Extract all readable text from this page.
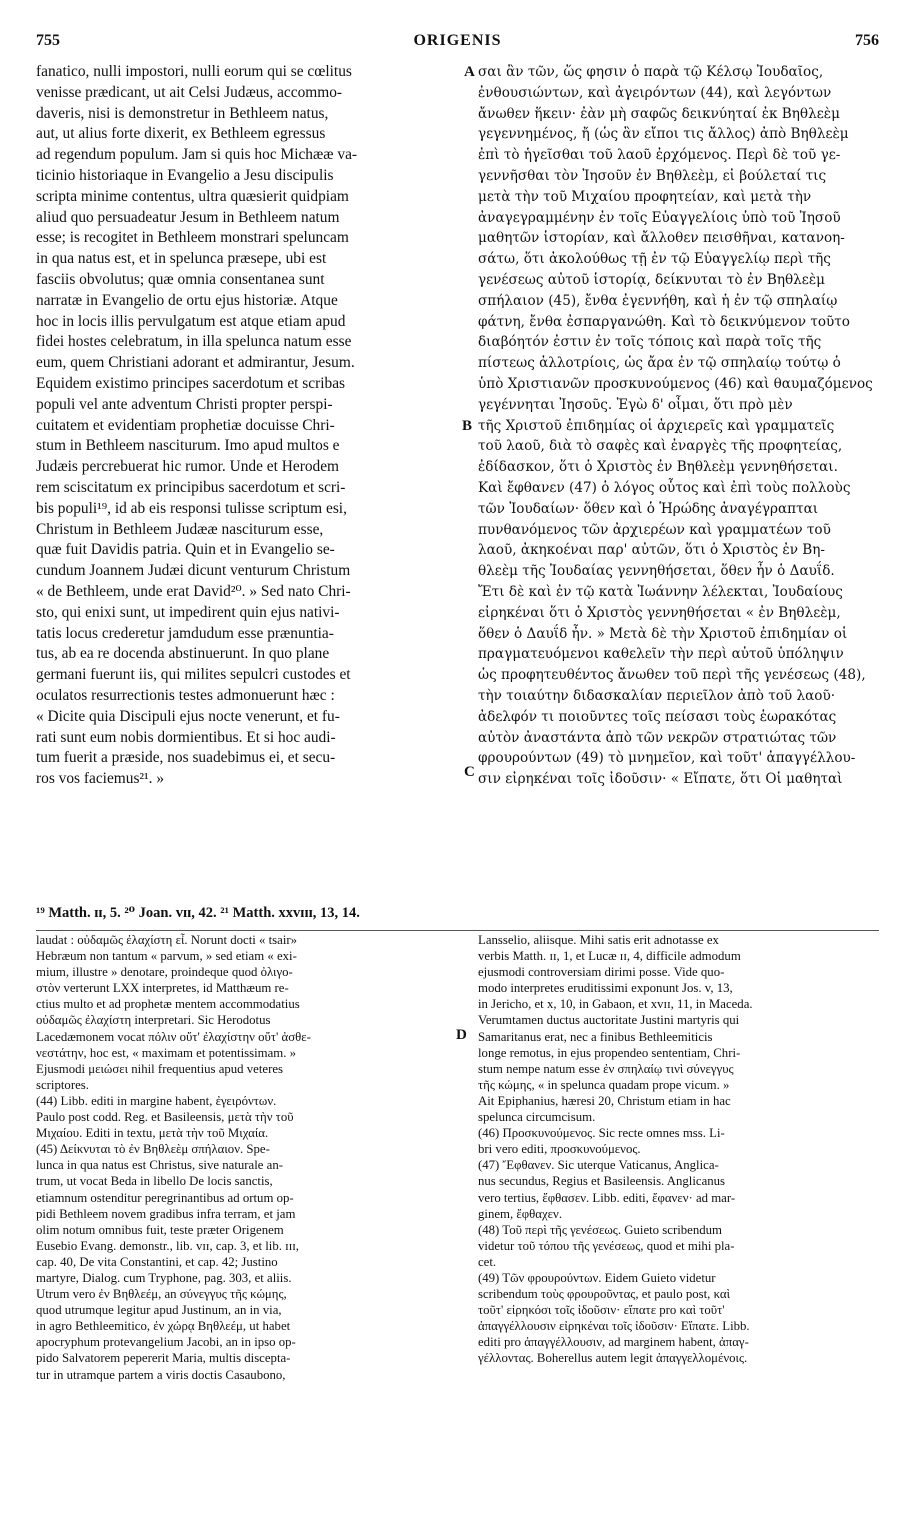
755	ORIGENIS	756
A
B
C
D
fanatico, nulli impostori, nulli eorum qui se cœlitus
venisse prædicant, ut ait Celsi Judæus, accommo-
daveris, nisi is demonstretur in Bethleem natus,
aut, ut alius forte dixerit, ex Bethleem egressus
ad regendum populum. Jam si quis hoc Michææ va-
ticinio historiaque in Evangelio a Jesu discipulis
scripta minime contentus, ultra quæsierit quidpiam
aliud quo persuadeatur Jesum in Bethleem natum
esse; is recogitet in Bethleem monstrari speluncam
in qua natus est, et in spelunca præsepe, ubi est
fasciis obvolutus; quæ omnia consentanea sunt
narratæ in Evangelio de ortu ejus historiæ. Atque
hoc in locis illis pervulgatum est atque etiam apud
fidei hostes celebratum, in illa spelunca natum esse
eum, quem Christiani adorant et admirantur, Jesum.
Equidem existimo principes sacerdotum et scribas
populi vel ante adventum Christi propter perspi-
cuitatem et evidentiam prophetiæ docuisse Chri-
stum in Bethleem nasciturum. Imo apud multos e
Judæis percrebuerat hic rumor. Unde et Herodem
rem sciscitatum ex principibus sacerdotum et scri-
bis populi¹⁹, id ab eis responsi tulisse scriptum esi,
Christum in Bethleem Judææ nasciturum esse,
quæ fuit Davidis patria. Quin et in Evangelio se-
cundum Joannem Judæi dicunt venturum Christum
« de Bethleem, unde erat David²⁰. » Sed nato Chri-
sto, qui enixi sunt, ut impedirent quin ejus nativi-
tatis locus crederetur jamdudum esse prænuntia-
tus, ab ea re docenda abstinuerunt. In quo plane
germani fuerunt iis, qui milites sepulcri custodes et
oculatos resurrectionis testes admonuerunt hæc :
« Dicite quia Discipuli ejus nocte venerunt, et fu-
rati sunt eum nobis dormientibus. Et si hoc audi-
tum fuerit a præside, nos suadebimus ei, et secu-
ros vos faciemus²¹. »
σαι ἂν τῶν, ὥς φησιν ὁ παρὰ τῷ Κέλσῳ Ἰουδαῖος,
ἐνθουσιώντων, καὶ ἀγειρόντων (44), καὶ λεγόντων
ἄνωθεν ἥκειν· ἐὰν μὴ σαφῶς δεικνύηταί ἐκ Βηθλεὲμ
γεγεννημένος, ἤ (ὡς ἂν εἴποι τις ἄλλος) ἀπὸ Βηθλεὲμ
ἐπὶ τὸ ἡγεῖσθαι τοῦ λαοῦ ἐρχόμενος. Περὶ δὲ τοῦ γε-
γεννῆσθαι τὸν Ἰησοῦν ἐν Βηθλεὲμ, εἰ βούλεταί τις
μετὰ τὴν τοῦ Μιχαίου προφητείαν, καὶ μετὰ τὴν
ἀναγεγραμμένην ἐν τοῖς Εὐαγγελίοις ὑπὸ τοῦ Ἰησοῦ
μαθητῶν ἱστορίαν, καὶ ἄλλοθεν πεισθῆναι, κατανοη-
σάτω, ὅτι ἀκολούθως τῇ ἐν τῷ Εὐαγγελίῳ περὶ τῆς
γενέσεως αὐτοῦ ἱστορίᾳ, δείκνυται τὸ ἐν Βηθλεὲμ
σπήλαιον (45), ἔνθα ἐγεννήθη, καὶ ἡ ἐν τῷ σπηλαίῳ
φάτνη, ἔνθα ἐσπαργανώθη. Καὶ τὸ δεικνύμενον τοῦτο
διαβόητόν ἐστιν ἐν τοῖς τόποις καὶ παρὰ τοῖς τῆς
πίστεως ἀλλοτρίοις, ὡς ἄρα ἐν τῷ σπηλαίῳ τούτῳ ὁ
ὑπὸ Χριστιανῶν προσκυνούμενος (46) καὶ θαυμαζόμενος
γεγέννηται Ἰησοῦς. Ἐγὼ δ' οἶμαι, ὅτι πρὸ μὲν
τῆς Χριστοῦ ἐπιδημίας οἱ ἀρχιερεῖς καὶ γραμματεῖς
τοῦ λαοῦ, διὰ τὸ σαφὲς καὶ ἐναργὲς τῆς προφητείας,
ἐδίδασκον, ὅτι ὁ Χριστὸς ἐν Βηθλεὲμ γεννηθήσεται.
Καὶ ἔφθανεν (47) ὁ λόγος οὗτος καὶ ἐπὶ τοὺς πολλοὺς
τῶν Ἰουδαίων· ὅθεν καὶ ὁ Ἡρώδης ἀναγέγραπται
πυνθανόμενος τῶν ἀρχιερέων καὶ γραμματέων τοῦ
λαοῦ, ἀκηκοέναι παρ' αὐτῶν, ὅτι ὁ Χριστὸς ἐν Βη-
θλεὲμ τῆς Ἰουδαίας γεννηθήσεται, ὅθεν ἦν ὁ Δαυΐδ.
Ἔτι δὲ καὶ ἐν τῷ κατὰ Ἰωάννην λέλεκται, Ἰουδαίους
εἰρηκέναι ὅτι ὁ Χριστὸς γεννηθήσεται « ἐν Βηθλεὲμ,
ὅθεν ὁ Δαυΐδ ἦν. » Μετὰ δὲ τὴν Χριστοῦ ἐπιδημίαν οἱ
πραγματευόμενοι καθελεῖν τὴν περὶ αὐτοῦ ὑπόληψιν
ὡς προφητευθέντος ἄνωθεν τοῦ περὶ τῆς γενέσεως (48),
τὴν τοιαύτην διδασκαλίαν περιεῖλον ἀπὸ τοῦ λαοῦ·
ἀδελφόν τι ποιοῦντες τοῖς πείσασι τοὺς ἑωρακότας
αὐτὸν ἀναστάντα ἀπὸ τῶν νεκρῶν στρατιώτας τῶν
φρουρούντων (49) τὸ μνημεῖον, καὶ τοῦτ' ἀπαγγέλλου-
σιν εἰρηκέναι τοῖς ἰδοῦσιν· « Εἴπατε, ὅτι Οἱ μαθηταὶ
¹⁹ Matth. ɪɪ, 5. ²⁰ Joan. vɪɪ, 42. ²¹ Matth. xxvɪɪɪ, 13, 14.
laudat : οὐδαμῶς ἐλαχίστη εἶ. Norunt docti « tsair»
Hebræum non tantum « parvum, » sed etiam « exi-
mium, illustre » denotare, proindeque quod ὀλιγο-
στὸν verterunt LXX interpretes, id Matthæum re-
ctius multo et ad prophetæ mentem accommodatius
οὐδαμῶς ἐλαχίστη interpretari. Sic Herodotus
Lacedæmonem vocat πόλιν οὔτ' ἐλαχίστην οὔτ' ἀσθε-
νεστάτην, hoc est, « maximam et potentissimam. »
Ejusmodi μειώσει nihil frequentius apud veteres
scriptores.
(44) Libb. editi in margine habent, ἐγειρόντων.
Paulo post codd. Reg. et Basileensis, μετὰ τὴν τοῦ
Μιχαίου. Editi in textu, μετὰ τὴν τοῦ Μιχαία.
(45) Δείκνυται τὸ ἐν Βηθλεὲμ σπήλαιον. Spe-
lunca in qua natus est Christus, sive naturale an-
trum, ut vocat Beda in libello De locis sanctis,
etiamnum ostenditur peregrinantibus ad ortum op-
pidi Bethleem novem gradibus infra terram, et jam
olim notum omnibus fuit, teste præter Origenem
Eusebio Evang. demonstr., lib. vɪɪ, cap. 3, et lib. ɪɪɪ,
cap. 40, De vita Constantini, et cap. 42; Justino
martyre, Dialog. cum Tryphone, pag. 303, et aliis.
Utrum vero ἐν Βηθλεέμ, an σύνεγγυς τῆς κώμης,
quod utrumque legitur apud Justinum, an in via,
in agro Bethleemitico, ἐν χώρᾳ Βηθλεέμ, ut habet
apocryphum protevangelium Jacobi, an in ipso op-
pido Salvatorem pepererit Maria, multis disceptа-
tur in utramque partem a viris doctis Casaubono,
Lansselio, aliisque. Mihi satis erit adnotasse ex
verbis Matth. ɪɪ, 1, et Lucæ ɪɪ, 4, difficile admodum
ejusmodi controversiam dirimi posse. Vide quo-
modo interpretes eruditissimi exponunt Jos. v, 13,
in Jericho, et x, 10, in Gabaon, et xᴠɪɪ, 11, in Maceda.
Verumtamen ductus auctoritate Justini martyris qui
Samaritanus erat, nec a finibus Bethleemiticis
longe remotus, in ejus propendeo sententiam, Chri-
stum nempe natum esse ἐν σπηλαίῳ τινὶ σύνεγγυς
τῆς κώμης, « in spelunca quadam prope vicum. »
Ait Epiphanius, hæresi 20, Christum etiam in hac
spelunca circumcisum.
(46) Προσκυνούμενος. Sic recte omnes mss. Li-
bri vero editi, προσκυνούμενος.
(47) Ἔφθανεν. Sic uterque Vaticanus, Anglica-
nus secundus, Regius et Basileensis. Anglicanus
vero tertius, ἔφθασεν. Libb. editi, ἔφανεν· ad mar-
ginem, ἔφθαχεν.
(48) Τοῦ περὶ τῆς γενέσεως. Guieto scribendum
videtur τοῦ τόπου τῆς γενέσεως, quod et mihi pla-
cet.
(49) Τῶν φρουρούντων. Eidem Guieto videtur
scribendum τοὺς φρουροῦντας, et paulo post, καὶ
τοῦτ' εἰρηκόσι τοῖς ἰδοῦσιν· εἴπατε pro καὶ τοῦτ'
ἀπαγγέλλουσιν εἰρηκέναι τοῖς ἰδοῦσιν· Εἴπατε. Libb.
editi pro ἀπαγγέλλουσιν, ad marginem habent, ἀπαγ-
γέλλοντας. Boherellus autem legit ἀπαγγελλομένοις.
